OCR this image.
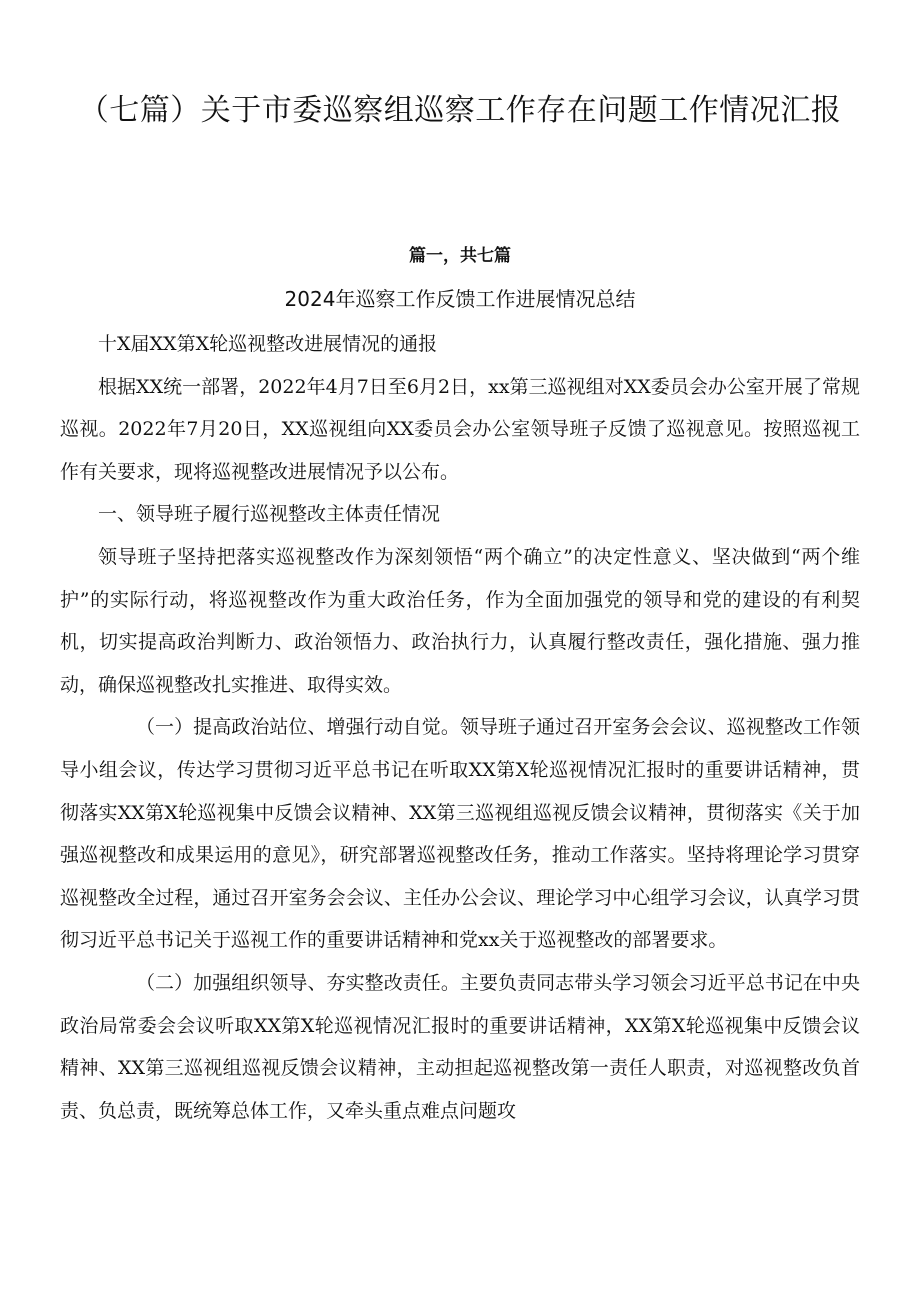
（七篇）关于市委巡察组巡察工作存在问题工作情况汇报
篇一，共七篇
2024年巡察工作反馈工作进展情况总结

十X届XX第X轮巡视整改进展情况的通报

根据XX统一部署，2022年4月7日至6月2日，xx第三巡视组对XX委员会办公室开展了常规巡视。2022年7月20日，XX巡视组向XX委员会办公室领导班子反馈了巡视意见。按照巡视工作有关要求，现将巡视整改进展情况予以公布。

一、领导班子履行巡视整改主体责任情况

领导班子坚持把落实巡视整改作为深刻领悟“两个确立”的决定性意义、坚决做到“两个维护”的实际行动，将巡视整改作为重大政治任务，作为全面加强党的领导和党的建设的有利契机，切实提高政治判断力、政治领悟力、政治执行力，认真履行整改责任，强化措施、强力推动，确保巡视整改扎实推进、取得实效。

（一）提高政治站位、增强行动自觉。领导班子通过召开室务会会议、巡视整改工作领导小组会议，传达学习贯彻习近平总书记在听取XX第X轮巡视情况汇报时的重要讲话精神，贯彻落实XX第X轮巡视集中反馈会议精神、XX第三巡视组巡视反馈会议精神，贯彻落实《关于加强巡视整改和成果运用的意见》，研究部署巡视整改任务，推动工作落实。坚持将理论学习贯穿巡视整改全过程，通过召开室务会会议、主任办公会议、理论学习中心组学习会议，认真学习贯彻习近平总书记关于巡视工作的重要讲话精神和党xx关于巡视整改的部署要求。

（二）加强组织领导、夯实整改责任。主要负责同志带头学习领会习近平总书记在中央政治局常委会会议听取XX第X轮巡视情况汇报时的重要讲话精神，XX第X轮巡视集中反馈会议精神、XX第三巡视组巡视反馈会议精神，主动担起巡视整改第一责任人职责，对巡视整改负首责、负总责，既统筹总体工作，又牵头重点难点问题攻
